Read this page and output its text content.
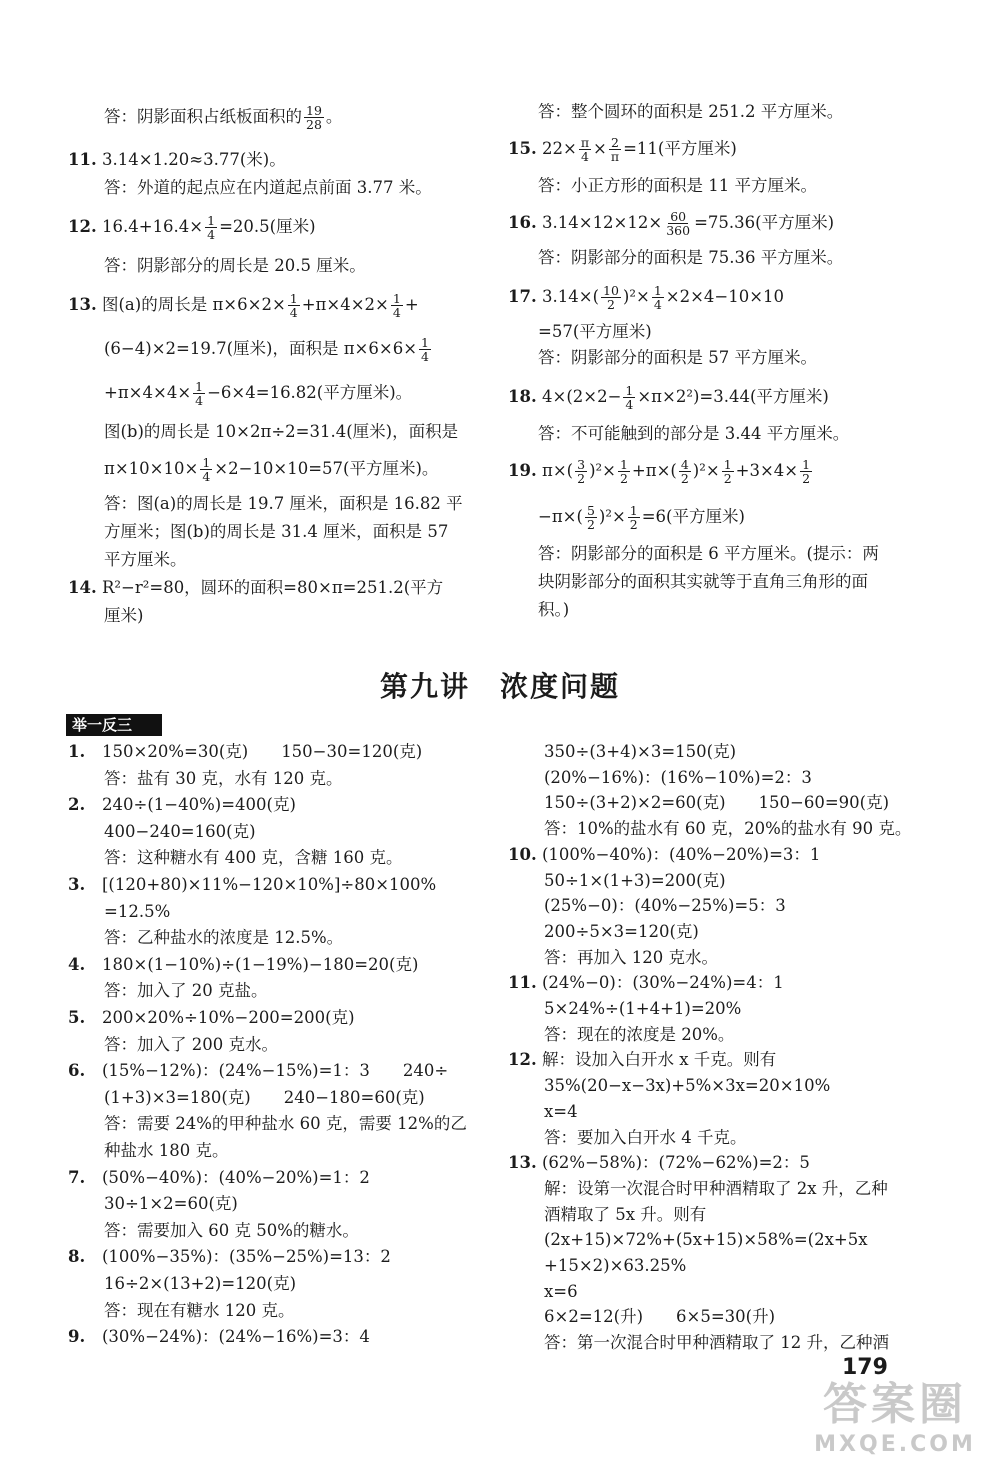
答：阴影面积占纸板面积的 $\frac{19}{28}$ 。
11. 3.14×1.20≈3.77(米)。
答：外道的起点应在内道起点前面 3.77 米。
12. $16.4+16.4\times \frac{1}{4} =20.5$(厘米)
答：阴影部分的周长是 20.5 厘米。
13. 图(a)的周长是 $\pi\times 6\times 2\times \frac{1}{4} +\pi\times 4\times 2\times \frac{1}{4}$ +
(6−4)×2=19.7(厘米)，面积是 $\pi\times 6\times 6\times \frac{1}{4}$
$+\pi\times 4\times 4\times \frac{1}{4} -6\times 4=16.82$(平方厘米)。
图(b)的周长是 10×2π÷2=31.4(厘米)，面积是
$\pi\times 10\times 10\times \frac{1}{4} \times 2-10\times 10=57$(平方厘米)。
答：图(a)的周长是 19.7 厘米，面积是 16.82 平
方厘米；图(b)的周长是 31.4 厘米，面积是 57
平方厘米。
14. R²−r²=80，圆环的面积=80×π=251.2(平方
厘米)
答：整个圆环的面积是 251.2 平方厘米。
15. $22\times \frac{\pi}{4} \times \frac{2}{\pi} =11$(平方厘米)
答：小正方形的面积是 11 平方厘米。
16. $3.14\times 12\times 12\times \frac{60}{360} =75.36$(平方厘米)
答：阴影部分的面积是 75.36 平方厘米。
17. $3.14\times( \frac{10}{2} )^2\times \frac{1}{4} \times 2\times 4-10\times 10$
=57(平方厘米)
答：阴影部分的面积是 57 平方厘米。
18. $4\times(2\times 2- \frac{1}{4} \times\pi\times 2^2)=3.44$(平方厘米)
答：不可能触到的部分是 3.44 平方厘米。
19. $\pi\times( \frac{3}{2} )^2\times \frac{1}{2} +\pi\times( \frac{4}{2} )^2\times \frac{1}{2} +3\times 4\times \frac{1}{2}$
$-\pi\times( \frac{5}{2} )^2\times \frac{1}{2} =6$(平方厘米)
答：阴影部分的面积是 6 平方厘米。(提示：两
块阴影部分的面积其实就等于直角三角形的面
积。)
第九讲　浓度问题
举一反三
1. 150×20%=30(克)　　150−30=120(克)
答：盐有 30 克，水有 120 克。
2. 240÷(1−40%)=400(克)
400−240=160(克)
答：这种糖水有 400 克，含糖 160 克。
3. [(120+80)×11%−120×10%]÷80×100%
=12.5%
答：乙种盐水的浓度是 12.5%。
4. 180×(1−10%)÷(1−19%)−180=20(克)
答：加入了 20 克盐。
5. 200×20%÷10%−200=200(克)
答：加入了 200 克水。
6. (15%−12%)：(24%−15%)=1：3　　240÷
(1+3)×3=180(克)　　240−180=60(克)
答：需要 24%的甲种盐水 60 克，需要 12%的乙
种盐水 180 克。
7. (50%−40%)：(40%−20%)=1：2
30÷1×2=60(克)
答：需要加入 60 克 50%的糖水。
8. (100%−35%)：(35%−25%)=13：2
16÷2×(13+2)=120(克)
答：现在有糖水 120 克。
9. (30%−24%)：(24%−16%)=3：4
350÷(3+4)×3=150(克)
(20%−16%)：(16%−10%)=2：3
150÷(3+2)×2=60(克)　　150−60=90(克)
答：10%的盐水有 60 克，20%的盐水有 90 克。
10. (100%−40%)：(40%−20%)=3：1
50÷1×(1+3)=200(克)
(25%−0)：(40%−25%)=5：3
200÷5×3=120(克)
答：再加入 120 克水。
11. (24%−0)：(30%−24%)=4：1
5×24%÷(1+4+1)=20%
答：现在的浓度是 20%。
12. 解：设加入白开水 x 千克。则有
35%(20−x−3x)+5%×3x=20×10%
x=4
答：要加入白开水 4 千克。
13. (62%−58%)：(72%−62%)=2：5
解：设第一次混合时甲种酒精取了 2x 升，乙种
酒精取了 5x 升。则有
(2x+15)×72%+(5x+15)×58%=(2x+5x
+15×2)×63.25%
x=6
6×2=12(升)　　6×5=30(升)
答：第一次混合时甲种酒精取了 12 升，乙种酒
179
答案圈
MXQE.COM
